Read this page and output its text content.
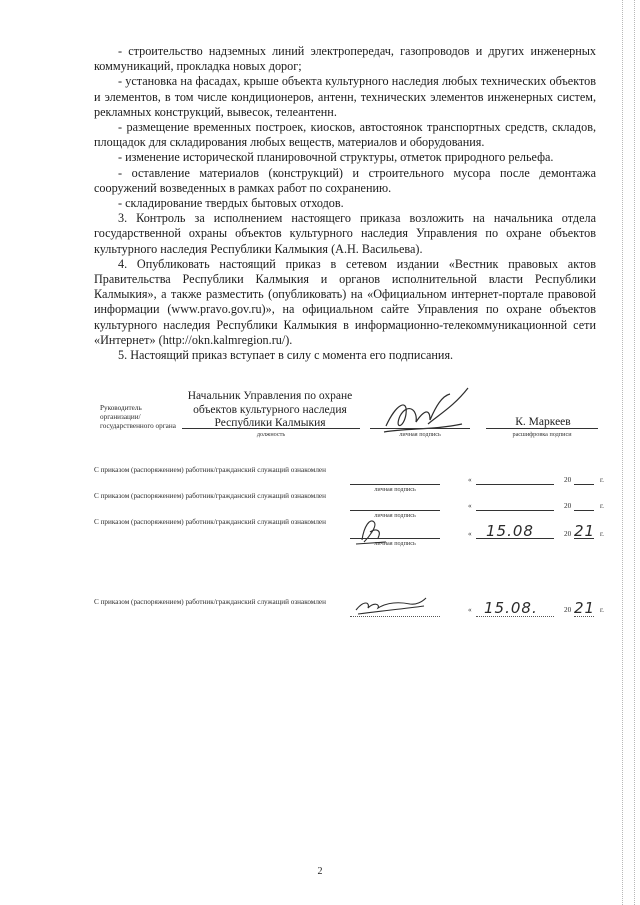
- строительство надземных линий электропередач, газопроводов и других инженерных коммуникаций, прокладка новых дорог;

- установка на фасадах, крыше объекта культурного наследия любых технических объектов и элементов, в том числе кондиционеров, антенн, технических элементов инженерных систем, рекламных конструкций, вывесок, телеантенн.

- размещение временных построек, киосков, автостоянок транспортных средств, складов, площадок для складирования любых веществ, материалов и оборудования.

- изменение исторической планировочной структуры, отметок природного рельефа.

- оставление материалов (конструкций) и строительного мусора после демонтажа сооружений возведенных в рамках работ по сохранению.

- складирование твердых бытовых отходов.

3. Контроль за исполнением настоящего приказа возложить на начальника отдела государственной охраны объектов культурного наследия Управления по охране объектов культурного наследия Республики Калмыкия (А.Н. Васильева).

4. Опубликовать настоящий приказ в сетевом издании «Вестник правовых актов Правительства Республики Калмыкия и органов исполнительной власти Республики Калмыкия», а также разместить (опубликовать) на «Официальном интернет-портале правовой информации (www.pravo.gov.ru)», на официальном сайте Управления по охране объектов культурного наследия Республики Калмыкия в информационно-телекоммуникационной сети «Интернет» (http://okn.kalmregion.ru/).

5. Настоящий приказ вступает в силу с момента его подписания.

Руководитель организации/государственного органа
Начальник Управления по охране объектов культурного наследия Республики Калмыкия
должность	личная подпись
К. Маркеев
расшифровка подписи
С приказом (распоряжением) работник/гражданский служащий ознакомлен
личная подпись
«	20	г.
С приказом (распоряжением) работник/гражданский служащий ознакомлен
личная подпись
«	20	г.
С приказом (распоряжением) работник/гражданский служащий ознакомлен
личная подпись
« 15.08	20 21 г.
С приказом (распоряжением) работник/гражданский служащий ознакомлен
« 15.08.	20 21 г.
2
